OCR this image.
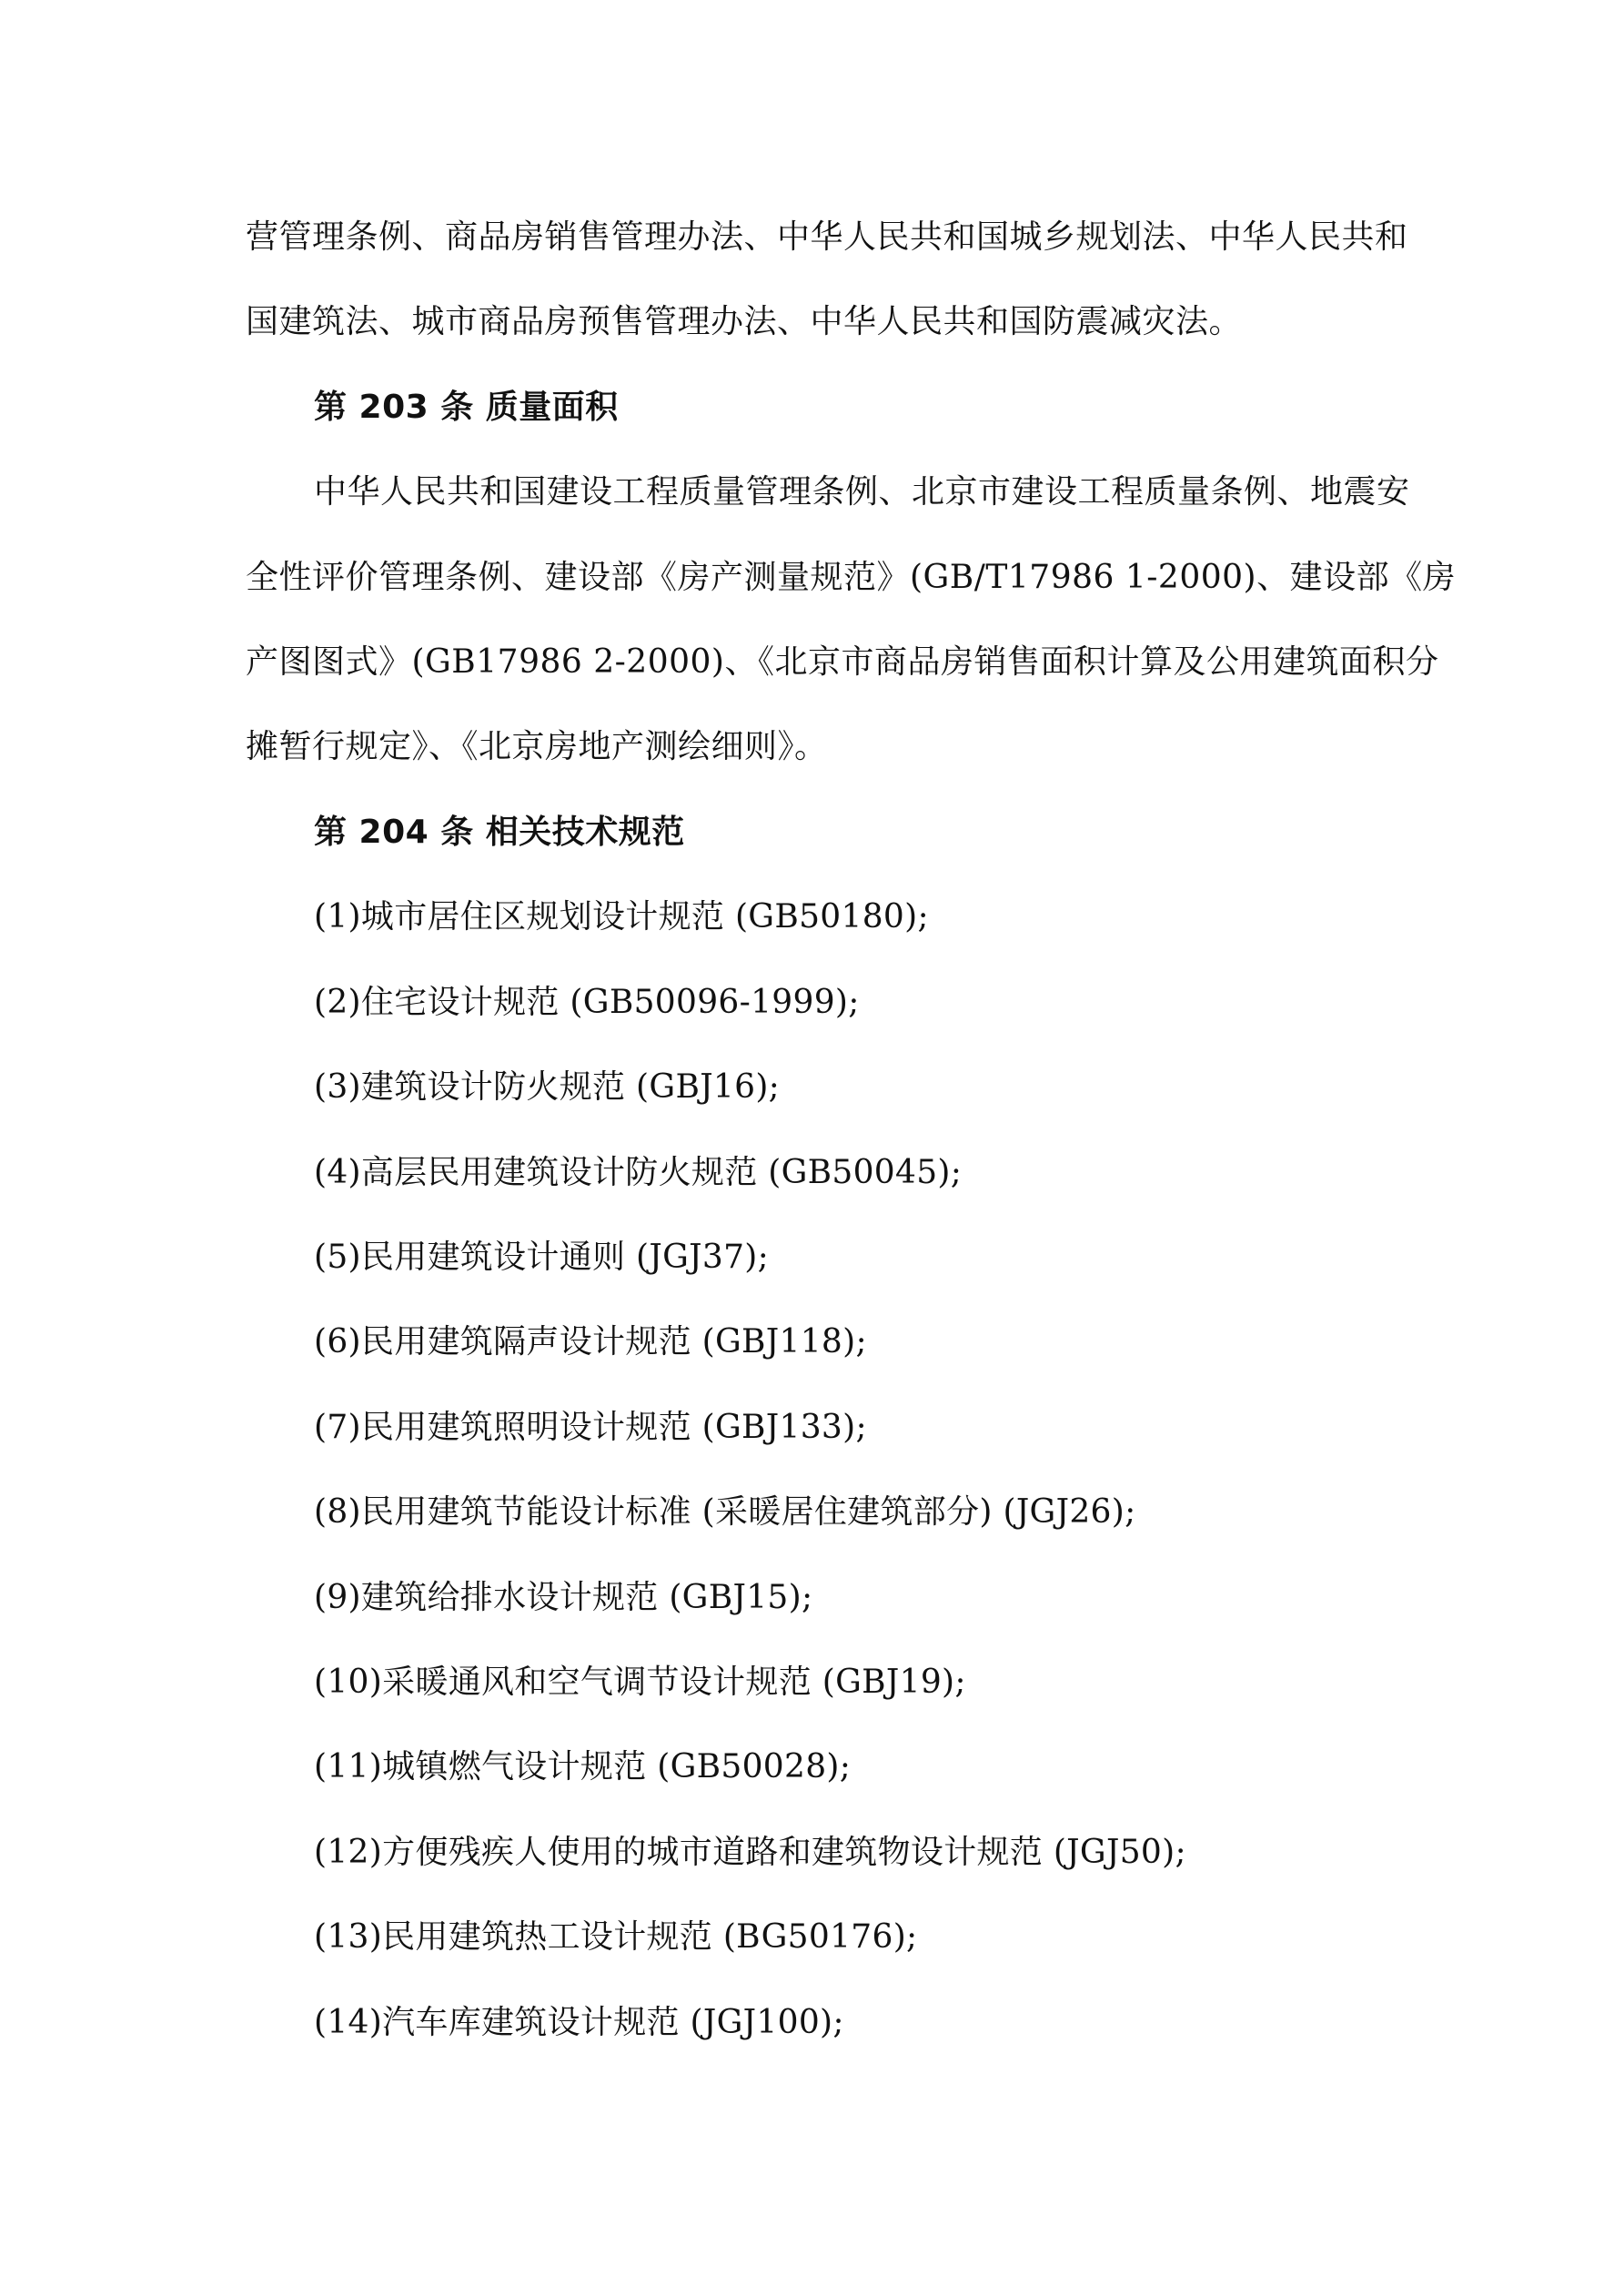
营管理条例、商品房销售管理办法、中华人民共和国城乡规划法、中华人民共和
国建筑法、城市商品房预售管理办法、中华人民共和国防震减灾法。
第 203 条 质量面积
中华人民共和国建设工程质量管理条例、北京市建设工程质量条例、地震安
全性评价管理条例、建设部《房产测量规范》(GB/T17986 1-2000)、建设部《房
产图图式》(GB17986 2-2000)、《北京市商品房销售面积计算及公用建筑面积分
摊暂行规定》、《北京房地产测绘细则》。
第 204 条 相关技术规范
(1)城市居住区规划设计规范 (GB50180);
(2)住宅设计规范 (GB50096-1999);
(3)建筑设计防火规范 (GBJ16);
(4)高层民用建筑设计防火规范 (GB50045);
(5)民用建筑设计通则 (JGJ37);
(6)民用建筑隔声设计规范 (GBJ118);
(7)民用建筑照明设计规范 (GBJ133);
(8)民用建筑节能设计标准 (采暖居住建筑部分) (JGJ26);
(9)建筑给排水设计规范 (GBJ15);
(10)采暖通风和空气调节设计规范 (GBJ19);
(11)城镇燃气设计规范 (GB50028);
(12)方便残疾人使用的城市道路和建筑物设计规范 (JGJ50);
(13)民用建筑热工设计规范 (BG50176);
(14)汽车库建筑设计规范 (JGJ100);
